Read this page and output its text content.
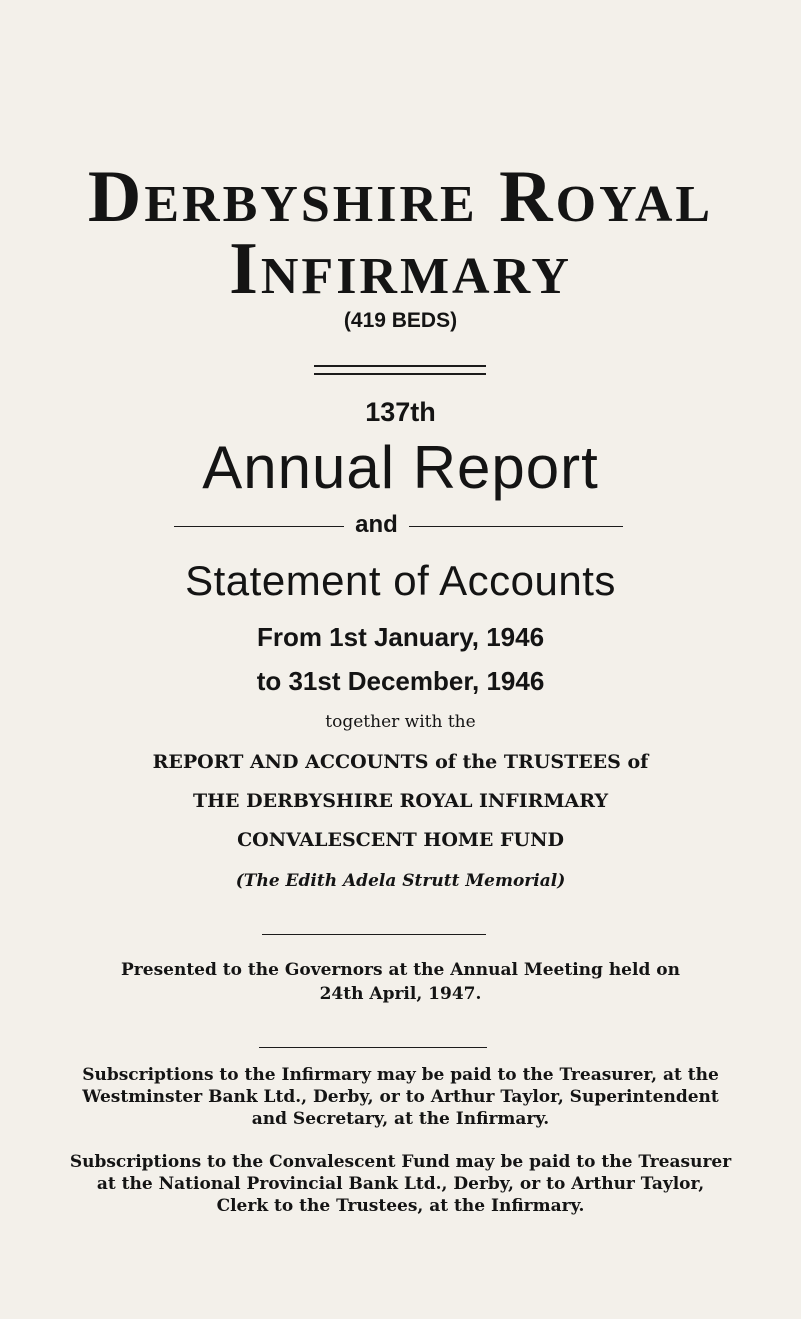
Derbyshire Royal
Infirmary
(419 BEDS)
137th
Annual Report
and
Statement of Accounts
From 1st January, 1946
to 31st December, 1946
together with the
REPORT AND ACCOUNTS of the TRUSTEES of
THE DERBYSHIRE ROYAL INFIRMARY
CONVALESCENT HOME FUND
(The Edith Adela Strutt Memorial)
Presented to the Governors at the Annual Meeting held on
24th April, 1947.
Subscriptions to the Infirmary may be paid to the Treasurer, at the
Westminster Bank Ltd., Derby, or to Arthur Taylor, Superintendent
and Secretary, at the Infirmary.
Subscriptions to the Convalescent Fund may be paid to the Treasurer
at the National Provincial Bank Ltd., Derby, or to Arthur Taylor,
Clerk to the Trustees, at the Infirmary.
